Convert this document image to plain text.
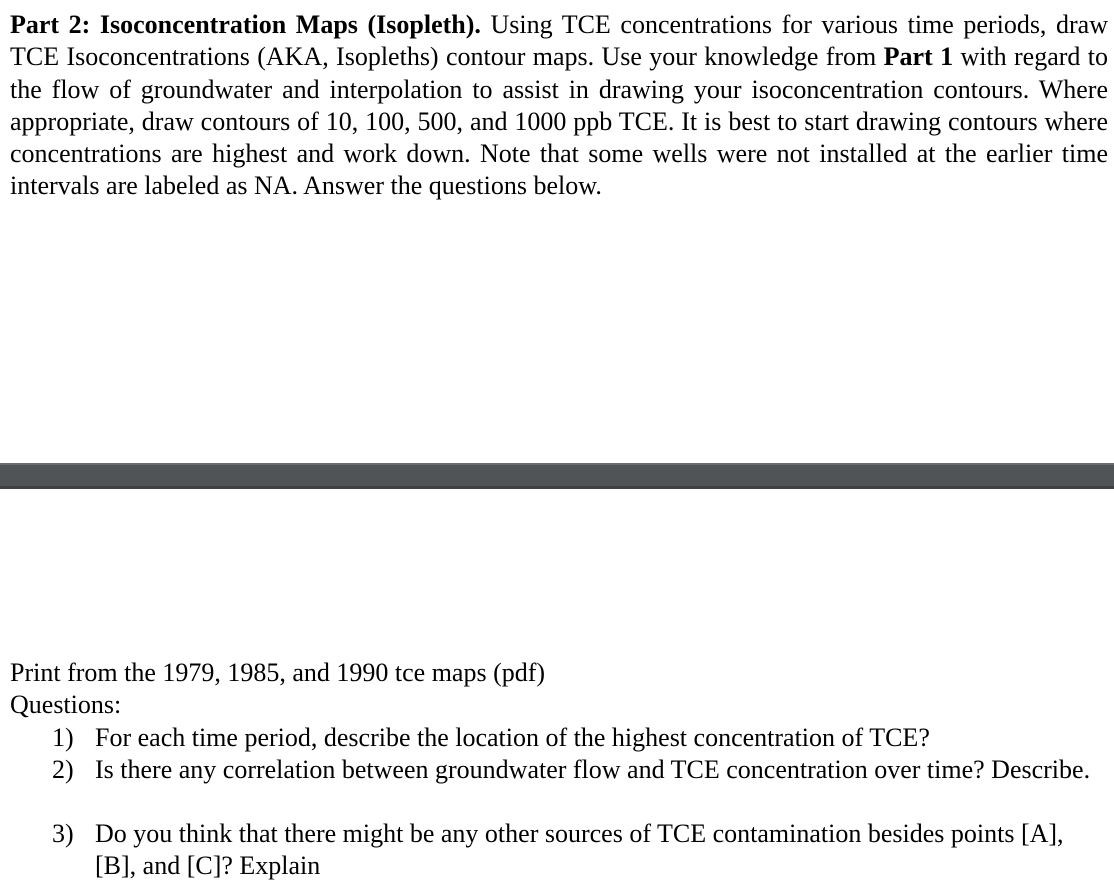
Part 2: Isoconcentration Maps (Isopleth). Using TCE concentrations for various time periods, draw TCE Isoconcentrations (AKA, Isopleths) contour maps. Use your knowledge from Part 1 with regard to the flow of groundwater and interpolation to assist in drawing your isoconcentration contours. Where appropriate, draw contours of 10, 100, 500, and 1000 ppb TCE. It is best to start drawing contours where concentrations are highest and work down. Note that some wells were not installed at the earlier time intervals are labeled as NA. Answer the questions below.

Print from the 1979, 1985, and 1990 tce maps (pdf)

Questions:

1) For each time period, describe the location of the highest concentration of TCE?
2) Is there any correlation between groundwater flow and TCE concentration over time? Describe.
3) Do you think that there might be any other sources of TCE contamination besides points [A], [B], and [C]? Explain
